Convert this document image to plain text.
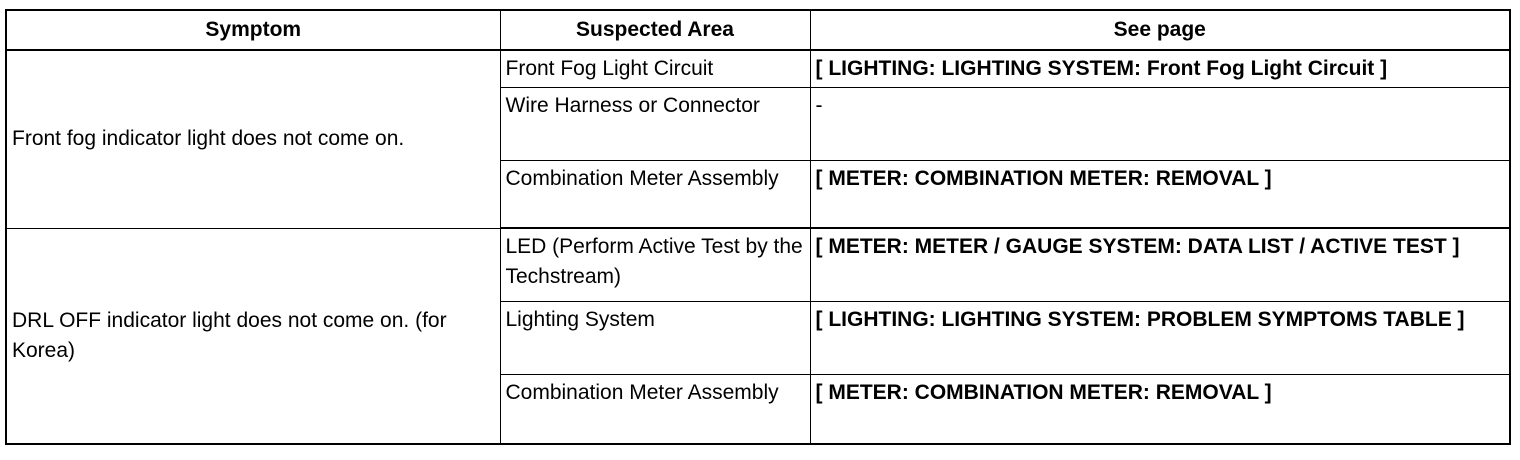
Symptom	Suspected Area	See page
Front fog indicator light does not come on.	Front Fog Light Circuit	[ LIGHTING: LIGHTING SYSTEM: Front Fog Light Circuit ]
	Wire Harness or Connector	-
	Combination Meter Assembly	[ METER: COMBINATION METER: REMOVAL ]
DRL OFF indicator light does not come on. (for Korea)	LED (Perform Active Test by the Techstream)	[ METER: METER / GAUGE SYSTEM: DATA LIST / ACTIVE TEST ]
	Lighting System	[ LIGHTING: LIGHTING SYSTEM: PROBLEM SYMPTOMS TABLE ]
	Combination Meter Assembly	[ METER: COMBINATION METER: REMOVAL ]
